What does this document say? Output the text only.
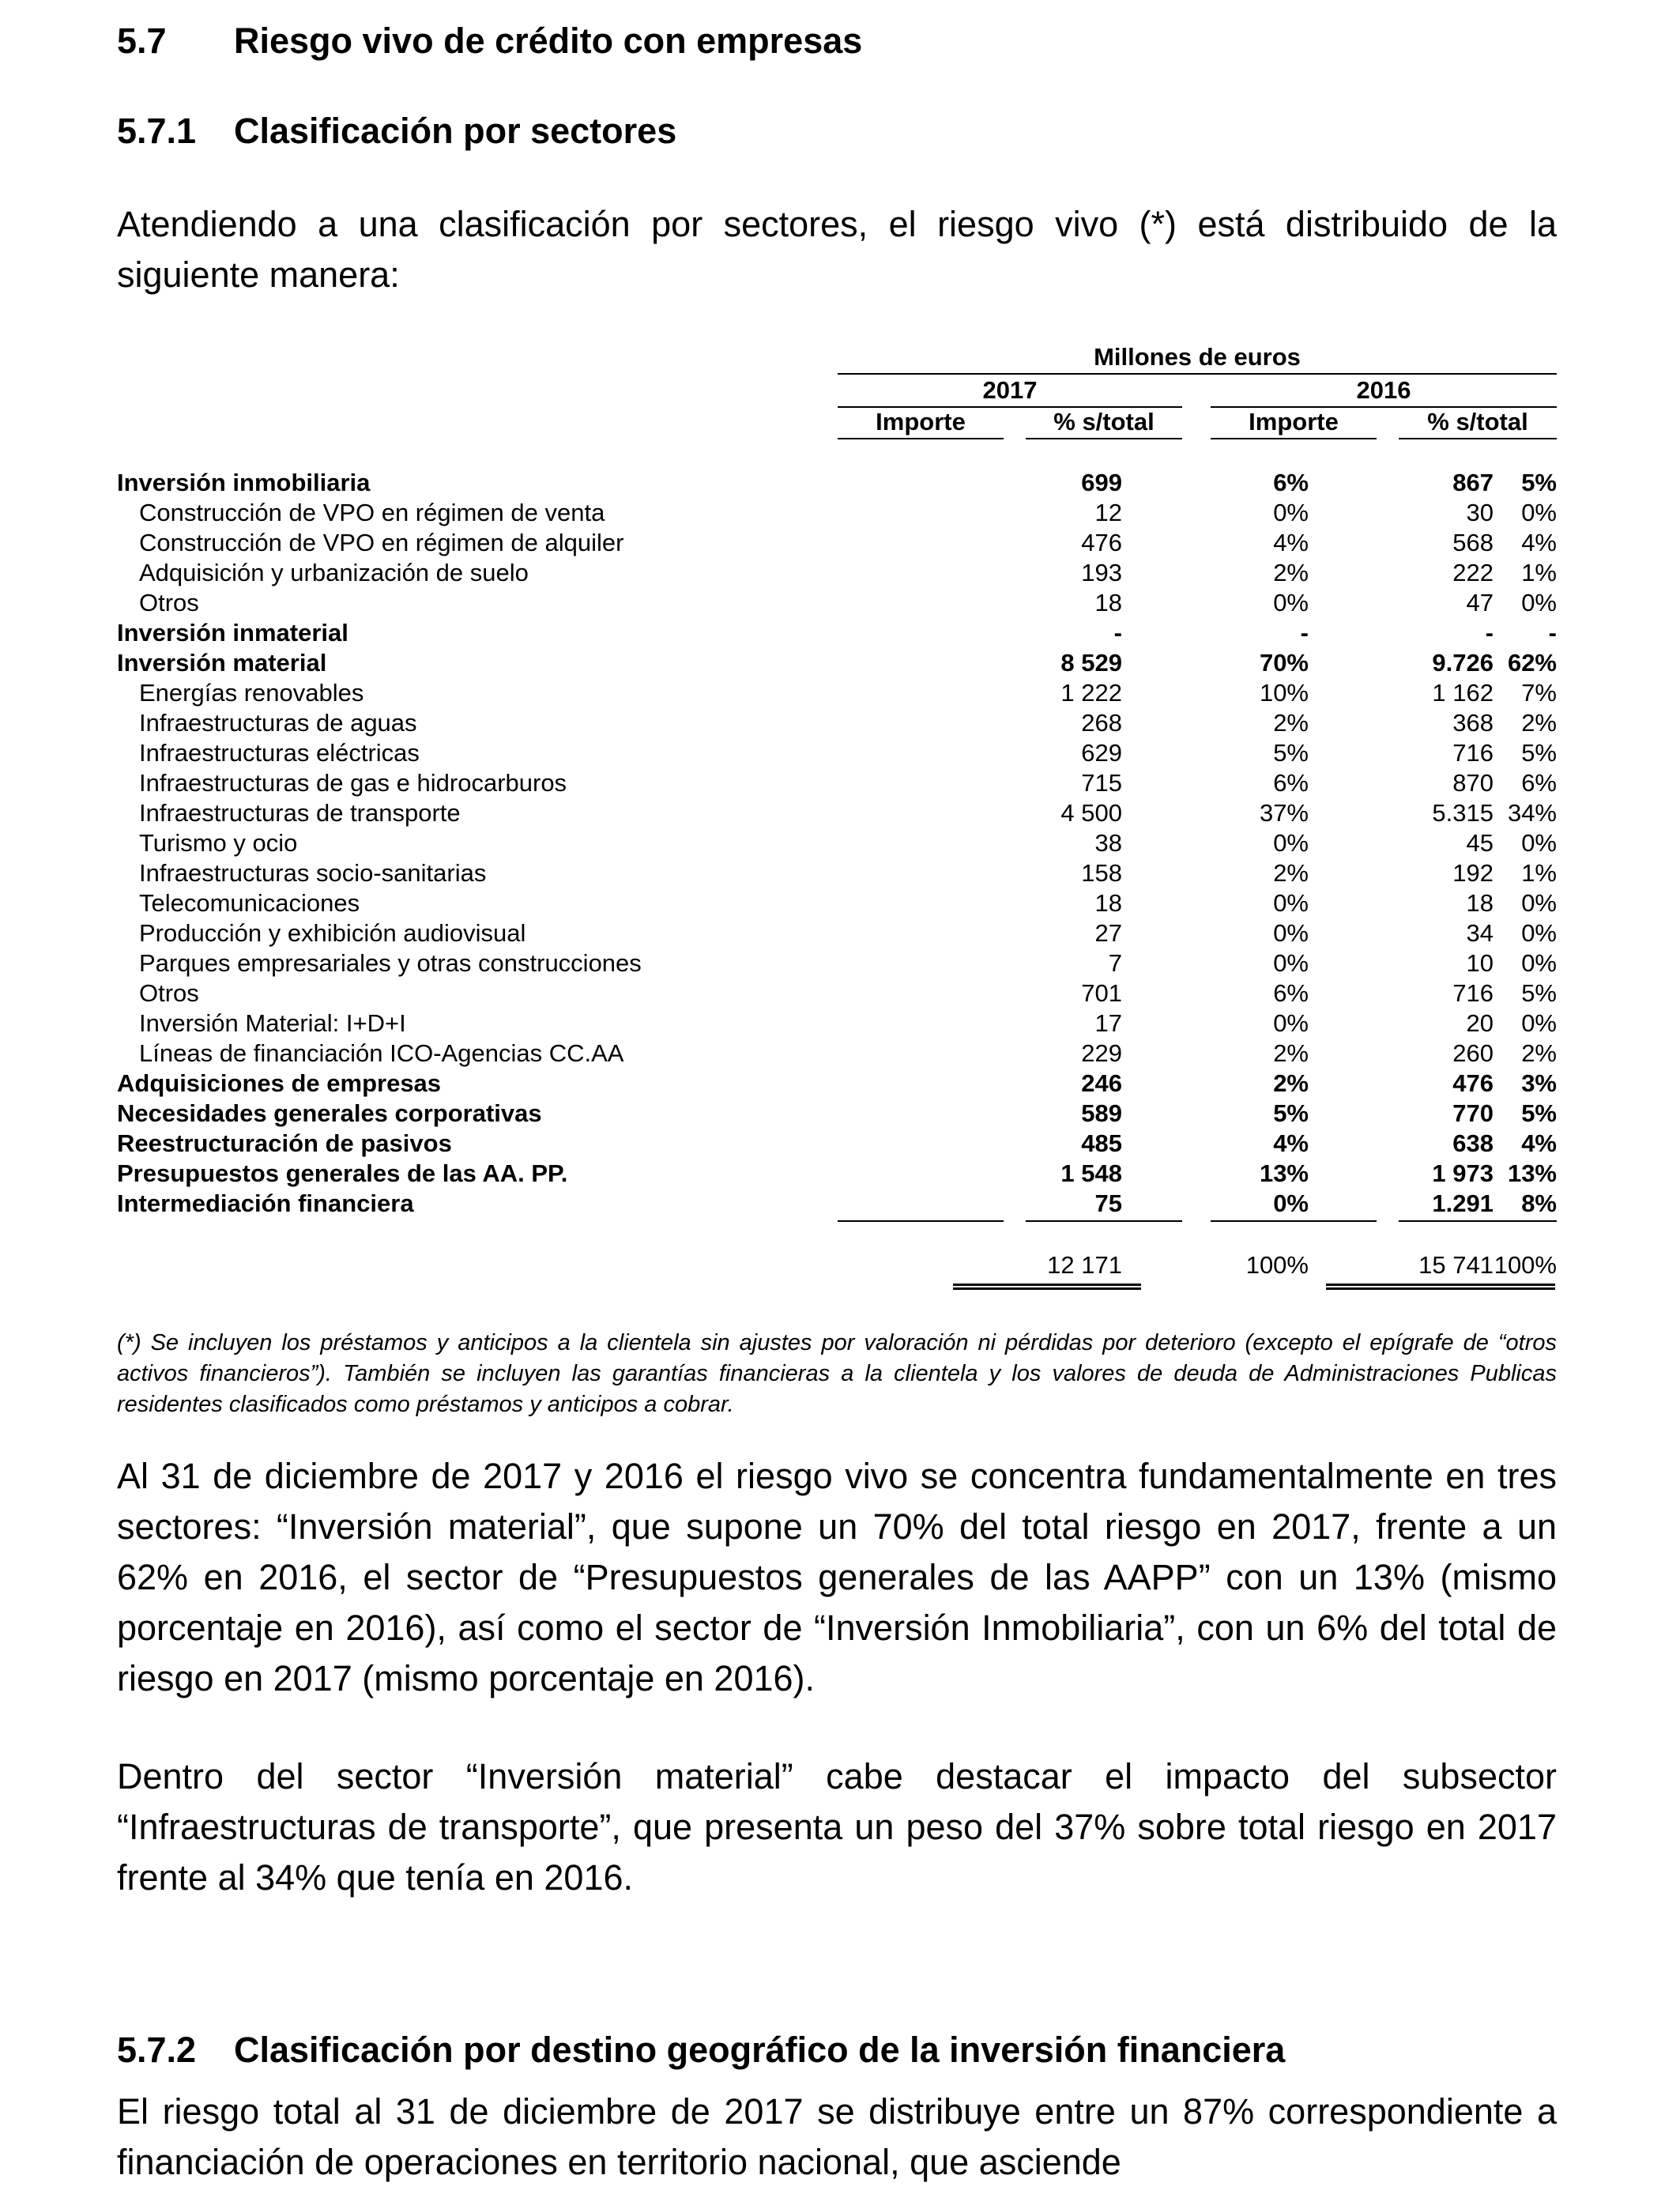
5.7 Riesgo vivo de crédito con empresas
5.7.1 Clasificación por sectores
Atendiendo a una clasificación por sectores, el riesgo vivo (*) está distribuido de la siguiente manera:
Millones de euros
2017	2016
Importe	% s/total	Importe	% s/total
Inversión inmobiliaria	699	6%	867	5%
Construcción de VPO en régimen de venta	12	0%	30	0%
Construcción de VPO en régimen de alquiler	476	4%	568	4%
Adquisición y urbanización de suelo	193	2%	222	1%
Otros	18	0%	47	0%
Inversión inmaterial	-	-	-	-
Inversión material	8 529	70%	9.726 62%
Energías renovables	1 222	10%	1 162	7%
Infraestructuras de aguas	268	2%	368	2%
Infraestructuras eléctricas	629	5%	716	5%
Infraestructuras de gas e hidrocarburos	715	6%	870	6%
Infraestructuras de transporte	4 500	37%	5.315 34%
Turismo y ocio	38	0%	45	0%
Infraestructuras socio-sanitarias	158	2%	192	1%
Telecomunicaciones	18	0%	18	0%
Producción y exhibición audiovisual	27	0%	34	0%
Parques empresariales y otras construcciones	7	0%	10	0%
Otros	701	6%	716	5%
Inversión Material: I+D+I	17	0%	20	0%
Líneas de financiación ICO-Agencias CC.AA	229	2%	260	2%
Adquisiciones de empresas	246	2%	476	3%
Necesidades generales corporativas	589	5%	770	5%
Reestructuración de pasivos	485	4%	638	4%
Presupuestos generales de las AA. PP.	1 548	13%	1 973 13%
Intermediación financiera	75	0%	1.291	8%
12 171	100%	15 741 100%
(*) Se incluyen los préstamos y anticipos a la clientela sin ajustes por valoración ni pérdidas por deterioro (excepto el epígrafe de “otros activos financieros”). También se incluyen las garantías financieras a la clientela y los valores de deuda de Administraciones Publicas residentes clasificados como préstamos y anticipos a cobrar.
Al 31 de diciembre de 2017 y 2016 el riesgo vivo se concentra fundamentalmente en tres sectores: “Inversión material”, que supone un 70% del total riesgo en 2017, frente a un 62% en 2016, el sector de “Presupuestos generales de las AAPP” con un 13% (mismo porcentaje en 2016), así como el sector de “Inversión Inmobiliaria”, con un 6% del total de riesgo en 2017 (mismo porcentaje en 2016).
Dentro del sector “Inversión material” cabe destacar el impacto del subsector “Infraestructuras de transporte”, que presenta un peso del 37% sobre total riesgo en 2017 frente al 34% que tenía en 2016.
5.7.2 Clasificación por destino geográfico de la inversión financiera
El riesgo total al 31 de diciembre de 2017 se distribuye entre un 87% correspondiente a financiación de operaciones en territorio nacional, que asciende
